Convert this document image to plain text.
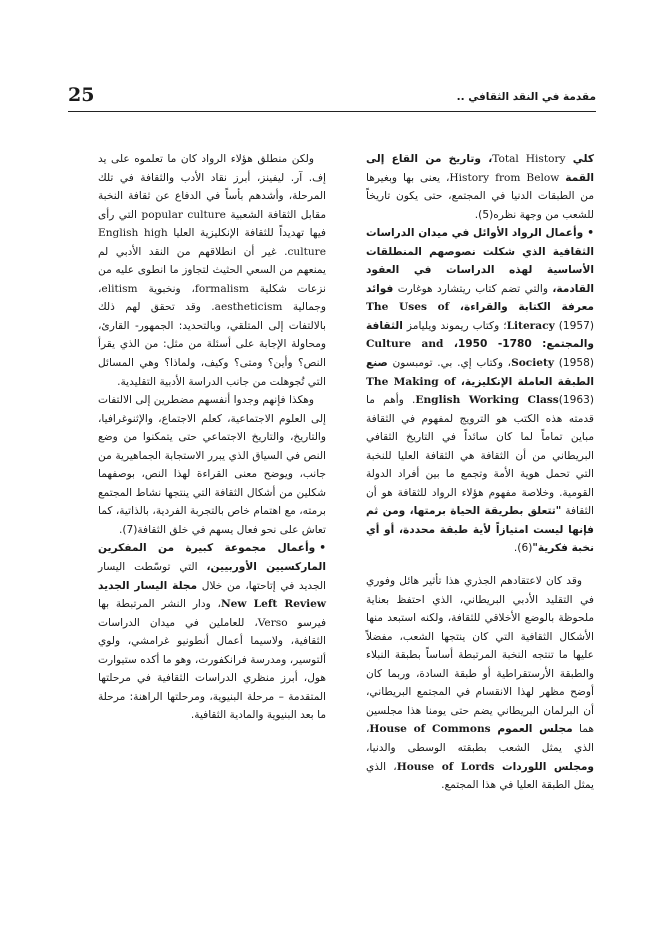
25	مقدمة في النقد الثقافي ..

كلي Total History، وتاريخ من القاع إلى القمة History from Below، يعنى بها وبغيرها من الطبقات الدنيا في المجتمع، حتى يكون تاريخاً للشعب من وجهة نظره(5).

•وأعمال الرواد الأوائل في ميدان الدراسات الثقافية الذي شكلت نصوصهم المنطلقات الأساسية لهذه الدراسات في العقود القادمة، والتي تضم كتاب ريتشارد هوغارت فوائد معرفة الكتابة والقراءة، The Uses of Literacy (1957)؛ وكتاب ريموند ويليامز الثقافة والمجتمع: 1780- 1950، Culture and Society (1958)، وكتاب إي. بي. تومبسون صنع الطبقة العاملة الإنكليزية، The Making of English Working Class(1963). وأهم ما قدمته هذه الكتب هو الترويج لمفهوم في الثقافة مباين تماماً لما كان سائداً في التاريخ الثقافي البريطاني من أن الثقافة هي الثقافة العليا للنخبة التي تحمل هوية الأمة وتجمع ما بين أفراد الدولة القومية. وخلاصة مفهوم هؤلاء الرواد للثقافة هو أن الثقافة "تتعلق بطريقة الحياة برمتها، ومن ثم فإنها ليست امتيازاً لأية طبقة محددة، أو أي نخبة فكرية"(6).

وقد كان لاعتقادهم الجذري هذا تأثير هائل وفوري في التقليد الأدبي البريطاني، الذي احتفظ بعناية ملحوظة بالوضع الأخلاقي للثقافة، ولكنه استبعد منها الأشكال الثقافية التي كان ينتجها الشعب، مفضلاً عليها ما تنتجه النخبة المرتبطة أساساً بطبقة النبلاء والطبقة الأرستقراطية أو طبقة السادة، وربما كان أوضح مظهر لهذا الانقسام في المجتمع البريطاني، أن البرلمان البريطاني يضم حتى يومنا هذا مجلسين هما مجلس العموم House of Commons، الذي يمثل الشعب بطبقته الوسطى والدنيا، ومجلس اللوردات House of Lords، الذي يمثل الطبقة العليا في هذا المجتمع.

ولكن منطلق هؤلاء الرواد كان ما تعلموه على يد إف. آر. ليفينز، أبرز نقاد الأدب والثقافة في تلك المرحلة، وأشدهم بأساً في الدفاع عن ثقافة النخبة مقابل الثقافة الشعبية popular culture التي رأى فيها تهديداً للثقافة الإنكليزية العليا English high culture. غير أن انطلاقهم من النقد الأدبي لم يمنعهم من السعي الحثيث لتجاوز ما انطوى عليه من نزعات شكلية formalism، ونخبوية elitism، وجمالية aestheticism. وقد تحقق لهم ذلك بالالتفات إلى المتلقي، وبالتحديد: الجمهور- القارئ، ومحاولة الإجابة على أسئلة من مثل: من الذي يقرأ النص؟ وأين؟ ومتى؟ وكيف، ولماذا؟ وهي المسائل التي تُجوهلت من جانب الدراسة الأدبية التقليدية.

وهكذا فإنهم وجدوا أنفسهم مضطرين إلى الالتفات إلى العلوم الاجتماعية، كعلم الاجتماع، والإثنوغرافيا، والتاريخ، والتاريخ الاجتماعي حتى يتمكنوا من وضع النص في السياق الذي يبرر الاستجابة الجماهيرية من جانب، ويوضح معنى القراءة لهذا النص، بوصفهما شكلين من أشكال الثقافة التي ينتجها نشاط المجتمع برمته، مع اهتمام خاص بالتجربة الفردية، بالذاتية، كما تعاش على نحو فعال يسهم في خلق الثقافة(7).

•وأعمال مجموعة كبيرة من المفكرين الماركسيين الأوربيين، التي توسّطت اليسار الجديد في إتاحتها، من خلال مجلة اليسار الجديد New Left Review، ودار النشر المرتبطة بها فيرسو Verso، للعاملين في ميدان الدراسات الثقافية، ولاسيما أعمال أنطونيو غرامشي، ولوي ألتوسير، ومدرسة فرانكفورت، وهو ما أكده ستيوارت هول، أبرز منظري الدراسات الثقافية في مرحلتها المتقدمة – مرحلة البنيوية، ومرحلتها الراهنة: مرحلة ما بعد البنيوية والمادية الثقافية.
